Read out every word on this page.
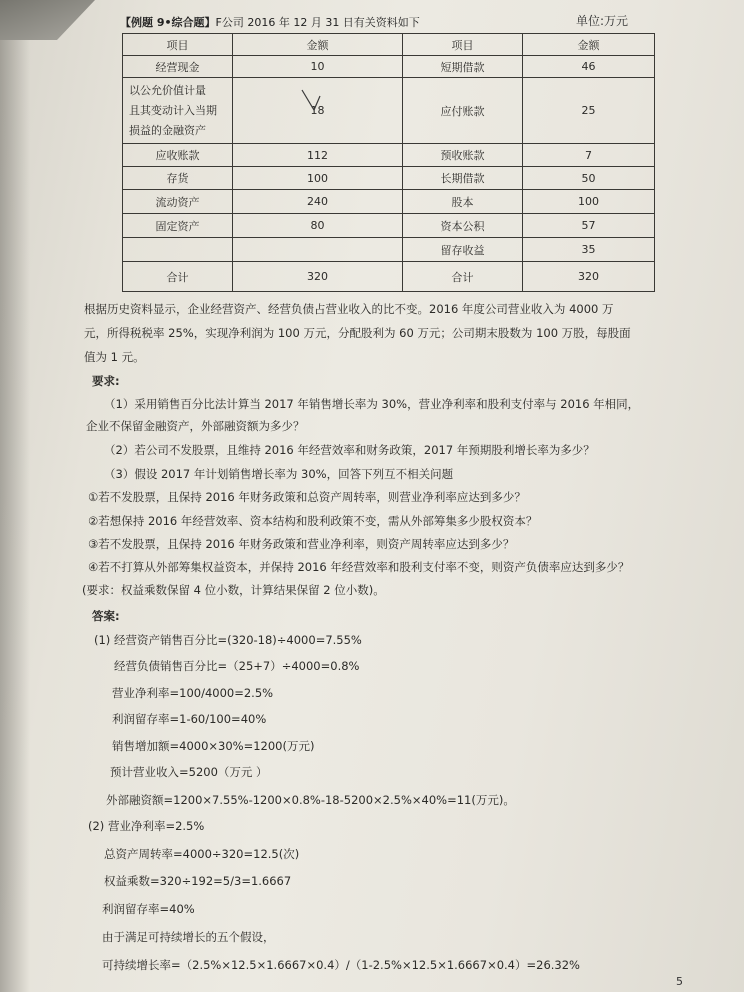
【例题 9•综合题】F公司 2016 年 12 月 31 日有关资料如下	单位:万元
项目	金额	项目	金额
经营现金	10	短期借款	46
以公允价值计量
且其变动计入当期
损益的金融资产	18	应付账款	25
应收账款	112	预收账款	7
存货	100	长期借款	50
流动资产	240	股本	100
固定资产	80	资本公积	57
		留存收益	35
合计	320	合计	320
根据历史资料显示，企业经营资产、经营负债占营业收入的比不变。2016 年度公司营业收入为 4000 万
元，所得税税率 25%，实现净利润为 100 万元，分配股利为 60 万元；公司期末股数为 100 万股，每股面
值为 1 元。
要求:
（1）采用销售百分比法计算当 2017 年销售增长率为 30%，营业净利率和股利支付率与 2016 年相同，
企业不保留金融资产，外部融资额为多少？
（2）若公司不发股票，且维持 2016 年经营效率和财务政策，2017 年预期股利增长率为多少？
（3）假设 2017 年计划销售增长率为 30%，回答下列互不相关问题
①若不发股票，且保持 2016 年财务政策和总资产周转率，则营业净利率应达到多少？
②若想保持 2016 年经营效率、资本结构和股利政策不变，需从外部筹集多少股权资本？
③若不发股票，且保持 2016 年财务政策和营业净利率，则资产周转率应达到多少？
④若不打算从外部筹集权益资本，并保持 2016 年经营效率和股利支付率不变，则资产负债率应达到多少？
(要求：权益乘数保留 4 位小数，计算结果保留 2 位小数)。
答案:
(1) 经营资产销售百分比=(320-18)÷4000=7.55%
经营负债销售百分比=（25+7）÷4000=0.8%
营业净利率=100/4000=2.5%
利润留存率=1-60/100=40%
销售增加额=4000×30%=1200(万元)
预计营业收入=5200（万元 ）
外部融资额=1200×7.55%-1200×0.8%-18-5200×2.5%×40%=11(万元)。
(2) 营业净利率=2.5%
总资产周转率=4000÷320=12.5(次)
权益乘数=320÷192=5/3=1.6667
利润留存率=40%
由于满足可持续增长的五个假设，
可持续增长率=（2.5%×12.5×1.6667×0.4）/（1-2.5%×12.5×1.6667×0.4）=26.32%
5
